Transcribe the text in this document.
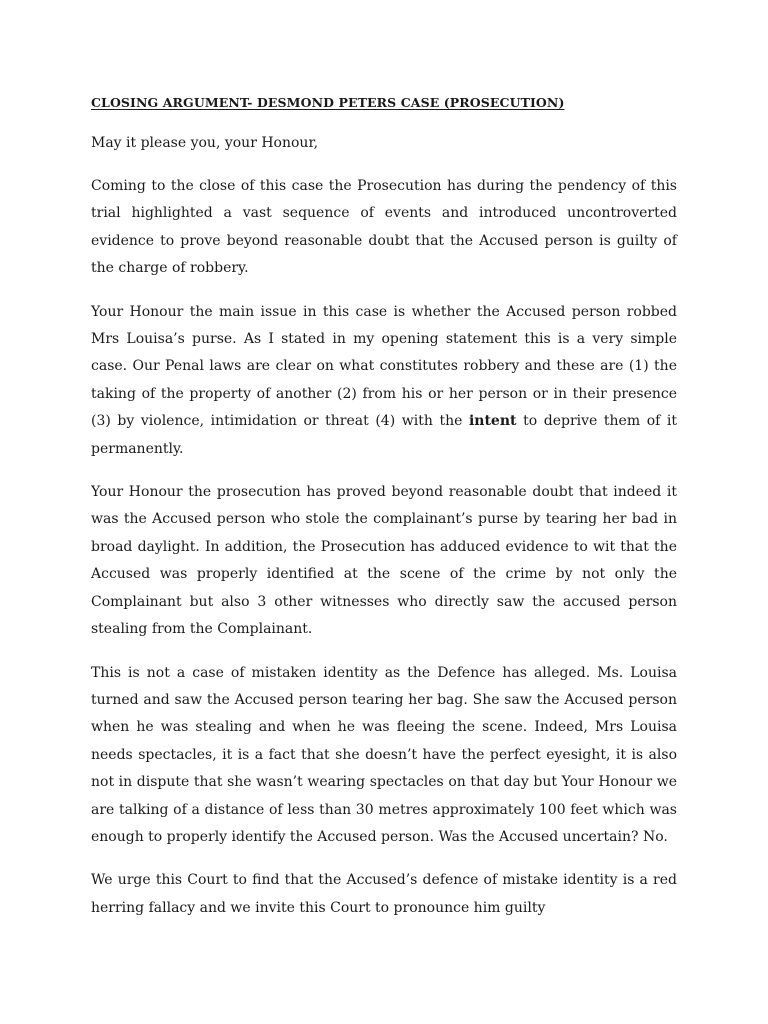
CLOSING ARGUMENT- DESMOND PETERS CASE (PROSECUTION)

May it please you, your Honour,

Coming to the close of this case the Prosecution has during the pendency of this trial highlighted a vast sequence of events and introduced uncontroverted evidence to prove beyond reasonable doubt that the Accused person is guilty of the charge of robbery.

Your Honour the main issue in this case is whether the Accused person robbed Mrs Louisa’s purse. As I stated in my opening statement this is a very simple case. Our Penal laws are clear on what constitutes robbery and these are (1) the taking of the property of another (2) from his or her person or in their presence (3) by violence, intimidation or threat (4) with the intent to deprive them of it permanently.

Your Honour the prosecution has proved beyond reasonable doubt that indeed it was the Accused person who stole the complainant’s purse by tearing her bad in broad daylight. In addition, the Prosecution has adduced evidence to wit that the Accused was properly identified at the scene of the crime by not only the Complainant but also 3 other witnesses who directly saw the accused person stealing from the Complainant.

This is not a case of mistaken identity as the Defence has alleged. Ms. Louisa turned and saw the Accused person tearing her bag. She saw the Accused person when he was stealing and when he was fleeing the scene. Indeed, Mrs Louisa needs spectacles, it is a fact that she doesn’t have the perfect eyesight, it is also not in dispute that she wasn’t wearing spectacles on that day but Your Honour we are talking of a distance of less than 30 metres approximately 100 feet which was enough to properly identify the Accused person. Was the Accused uncertain? No.

We urge this Court to find that the Accused’s defence of mistake identity is a red herring fallacy and we invite this Court to pronounce him guilty
